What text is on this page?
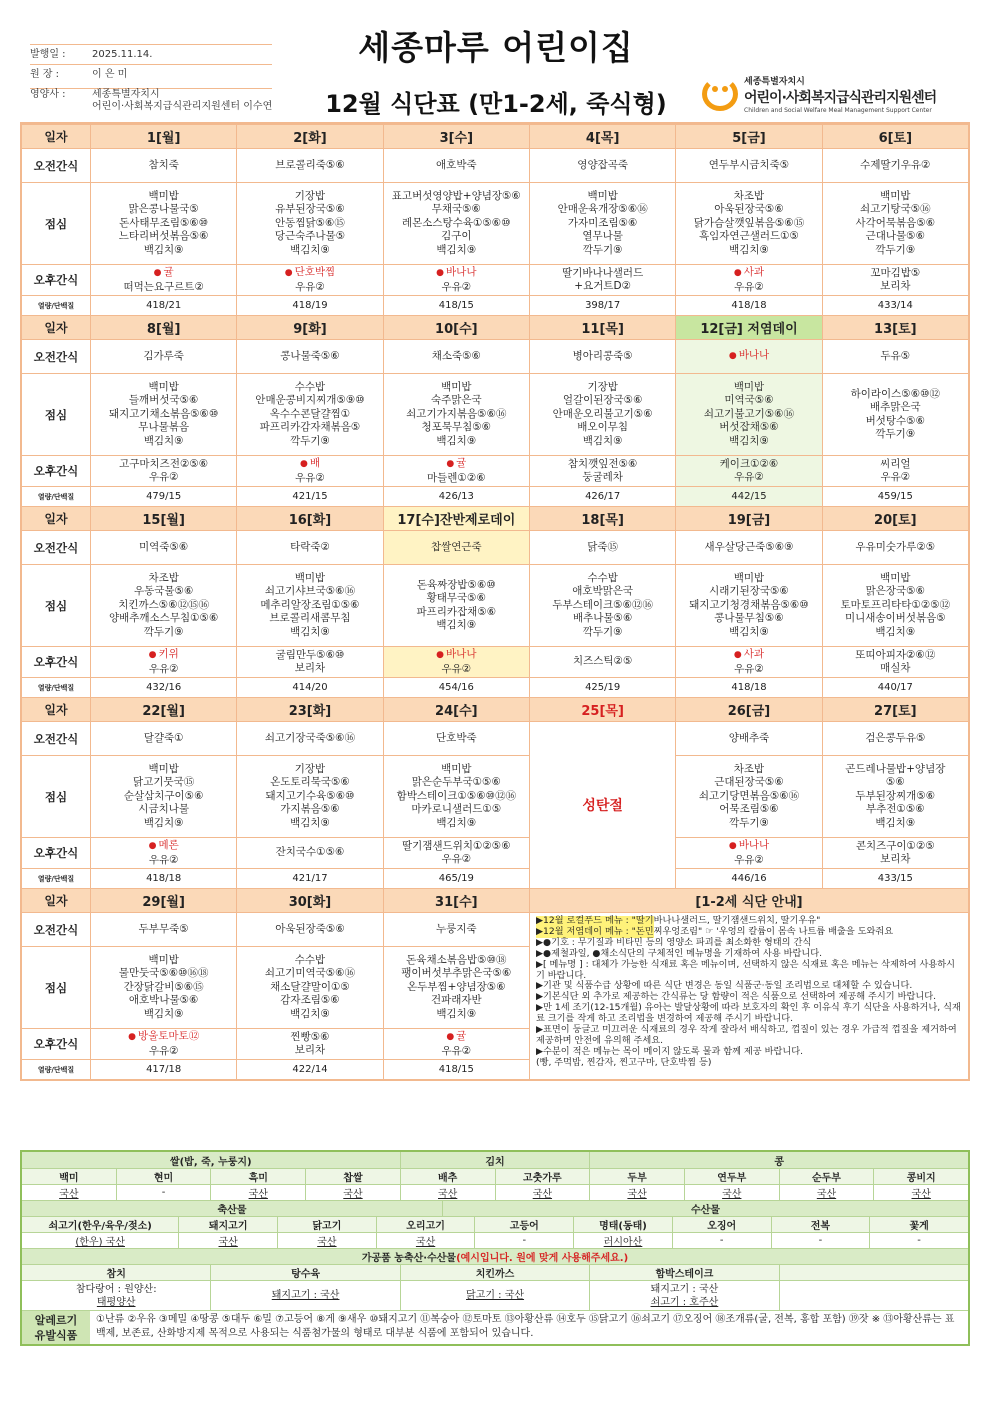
발행일 :	2025.11.14.
원 장 :	이 은 미
영양사 :	세종특별자치시
어린이·사회복지급식관리지원센터 이수연
세종마루 어린이집
12월 식단표 (만1-2세, 죽식형)
세종특별자치시
어린이·사회복지급식관리지원센터
Children and Social Welfare Meal Management Support Center
일자	1[월]	2[화]	3[수]	4[목]	5[금]	6[토]
오전간식	참치죽	브로콜리죽⑤⑥	애호박죽	영양잡곡죽	연두부시금치죽⑤	수제딸기우유②
점심
백미밥
맑은콩나물국⑤
돈사태무조림⑤⑥⑩
느타리버섯볶음⑤⑥
백김치⑨
기장밥
유부된장국⑤⑥
안동찜닭⑤⑥⑮
당근숙주나물⑤
백김치⑨
표고버섯영양밥+양념장⑤⑥
무채국⑤⑥
레몬소스탕수육①⑤⑥⑩
김구이
백김치⑨
백미밥
안매운육개장⑤⑥⑯
가자미조림⑤⑥
열무나물
깍두기⑨
차조밥
아욱된장국⑤⑥
닭가슴살깻잎볶음⑤⑥⑮
흑임자연근샐러드①⑤
백김치⑨
백미밥
쇠고기탕국⑤⑯
사각어묵볶음⑤⑥
근대나물⑤⑥
깍두기⑨
오후간식
● 귤
떠먹는요구르트②
● 단호박찜
우유②
● 바나나
우유②
딸기바나나샐러드
+요거트D②
● 사과
우유②
꼬마김밥⑤
보리차
열량/단백질	418/21	418/19	418/15	398/17	418/18	433/14
일자	8[월]	9[화]	10[수]	11[목]	12[금] 저염데이	13[토]
오전간식	김가루죽	콩나물죽⑤⑥	채소죽⑤⑥	병아리콩죽⑤
●	바나나	두유⑤
점심
백미밥
들깨버섯국⑤⑥
돼지고기채소볶음⑤⑥⑩
무나물볶음
백김치⑨
수수밥
안매운콩비지찌개⑤⑨⑩
옥수수콘달걀찜①
파프리카감자채볶음⑤
깍두기⑨
백미밥
숙주맑은국
쇠고기가지볶음⑤⑥⑯
청포묵무침⑤⑥
백김치⑨
기장밥
얼갈이된장국⑤⑥
안매운오리불고기⑤⑥
배오이무침
백김치⑨
백미밥
미역국⑤⑥
쇠고기불고기⑤⑥⑯
버섯잡채⑤⑥
백김치⑨
하이라이스⑤⑥⑩⑫
배추맑은국
버섯탕수⑤⑥
깍두기⑨
오후간식
고구마치즈전②⑤⑥
우유②
● 배
우유②
● 귤
마들렌①②⑥
참치깻잎전⑤⑥
둥굴레차
케이크①②⑥
우유②
씨리얼
우유②
열량/단백질	479/15	421/15	426/13	426/17	442/15	459/15
일자	15[월]	16[화]	17[수]잔반제로데이	18[목]	19[금]	20[토]
오전간식	미역죽⑤⑥	타락죽②	찹쌀연근죽	닭죽⑮	새우살당근죽⑤⑥⑨	우유미숫가루②⑤
점심
차조밥
우동국물⑤⑥
치킨까스⑤⑥⑫⑮⑯
양배추깨소스무침①⑤⑥
깍두기⑨
백미밥
쇠고기샤브국⑤⑥⑯
메추리알장조림①⑤⑥
브로콜리새콤무침
백김치⑨
돈육짜장밥⑤⑥⑩
황태무국⑤⑥
파프리카잡채⑤⑥
백김치⑨
수수밥
애호박맑은국
두부스테이크⑤⑥⑫⑯
배추나물⑤⑥
깍두기⑨
백미밥
시래기된장국⑤⑥
돼지고기청경채볶음⑤⑥⑩
콩나물무침⑤⑥
백김치⑨
백미밥
맑은장국⑤⑥
토마토프리타타①②⑤⑫
미니새송이버섯볶음⑤
백김치⑨
오후간식
● 키위
우유②
굴림만두⑤⑥⑩
보리차
● 바나나
우유②
치즈스틱②⑤
● 사과
우유②
또띠아피자②⑥⑫
매실차
열량/단백질	432/16	414/20	454/16	425/19	418/18	440/17
일자	22[월]	23[화]	24[수]	25[목]	26[금]	27[토]
오전간식	달걀죽①	쇠고기장국죽⑤⑥⑯	단호박죽	양배추죽	검은콩두유⑤
점심
백미밥
닭고기뭇국⑮
순살삼치구이⑤⑥
시금치나물
백김치⑨
기장밥
온도토리묵국⑤⑥
돼지고기수육⑤⑥⑩
가지볶음⑤⑥
백김치⑨
백미밥
맑은순두부국①⑤⑥
함박스테이크①⑤⑥⑩⑫⑯
마카로니샐러드①⑤
백김치⑨
차조밥
근대된장국⑤⑥
쇠고기당면볶음⑤⑥⑯
어묵조림⑤⑥
깍두기⑨
곤드레나물밥+양념장
⑤⑥
두부된장찌개⑤⑥
부추전①⑤⑥
백김치⑨
오후간식
● 메론
우유②
잔치국수①⑤⑥
딸기잼샌드위치①②⑤⑥
우유②
● 바나나
우유②
콘치즈구이①②⑤
보리차
열량/단백질	418/18	421/17	465/19	446/16	433/15
성탄절
일자	29[월]	30[화]	31[수]	[1-2세 식단 안내]
오전간식	두부무죽⑤	아욱된장죽⑤⑥	누룽지죽
점심
백미밥
물만둣국⑤⑥⑩⑯⑱
간장닭갈비⑤⑥⑮
애호박나물⑤⑥
백김치⑨
수수밥
쇠고기미역국⑤⑥⑯
채소달걀말이①⑤
감자조림⑤⑥
백김치⑨
돈육채소볶음밥⑤⑩⑱
팽이버섯부추맑은국⑤⑥
온두부찜+양념장⑤⑥
건파래자반
백김치⑨
오후간식
● 방울토마토⑫
우유②
찐빵⑤⑥
보리차
● 귤
우유②
열량/단백질	417/18	422/14	418/15

▶12월 로컬푸드 메뉴 : "딸기바나나샐러드, 딸기잼샌드위치, 딸기우유"

▶12월 저염데이 메뉴 : "돈민찌우엉조림" ☞ '우엉의 칼륨이 몸속 나트륨 배출을 도와줘요

▶●기호 : 무기질과 비타민 등의 영양소 파괴를 최소화한 형태의 간식

▶●제철과일, ●채소식단의 구체적인 메뉴명을 기재하여 사용 바랍니다.

▶[ 메뉴명 ] : 대체가 가능한 식재료 혹은 메뉴이며, 선택하지 않은 식재료 혹은 메뉴는 삭제하여 사용하시기 바랍니다.

▶기관 및 식품수급 상황에 따른 식단 변경은 동일 식품군·동일 조리법으로 대체할 수 있습니다.

▶기본식단 외 추가로 제공하는 간식류는 당 함량이 적은 식품으로 선택하여 제공해 주시기 바랍니다.

▶만 1세 조기(12-15개월) 유아는 발달상황에 따라 보호자의 확인 후 이유식 후기 식단을 사용하거나, 식재료 크기를 작게 하고 조리법을 변경하여 제공해 주시기 바랍니다.

▶표면이 둥글고 미끄러운 식재료의 경우 작게 잘라서 배식하고, 껍질이 있는 경우 가급적 껍질을 제거하여 제공하며 안전에 유의해 주세요.

▶수분이 적은 메뉴는 목이 메이지 않도록 물과 함께 제공 바랍니다.

(빵, 주먹밥, 찐감자, 찐고구마, 단호박찜 등)

쌀(밥, 죽, 누룽지)	김치	콩
백미	현미	흑미	찹쌀	배추	고춧가루	두부	연두부	순두부	콩비지
국산	-	국산	국산	국산	국산	국산	국산	국산	국산
축산물	수산물
쇠고기(한우/육우/젖소)	돼지고기	닭고기	오리고기	고등어	명태(동태)	오징어	전복	꽃게
(한우) 국산	국산	국산	국산	-	러시아산	-	-	-
가공품 농축산·수산물 (예시입니다. 원에 맞게 사용해주세요.)
참치	탕수육	치킨까스	함박스테이크
참다랑어 : 원양산:
태평양산
돼지고기 : 국산	닭고기 : 국산
돼지고기 : 국산
쇠고기 : 호주산
알레르기
유발식품
①난류 ②우유 ③메밀 ④땅콩 ⑤대두 ⑥밀 ⑦고등어 ⑧게 ⑨새우 ⑩돼지고기 ⑪복숭아 ⑫토마토 ⑬아황산류 ⑭호두 ⑮닭고기 ⑯쇠고기 ⑰오징어 ⑱조개류(굴, 전복, 홍합 포함) ⑲잣 ※ ⑬아황산류는 표백제, 보존료, 산화방지제 목적으로 사용되는 식품첨가물의 형태로 대부분 식품에 포함되어 있습니다.
